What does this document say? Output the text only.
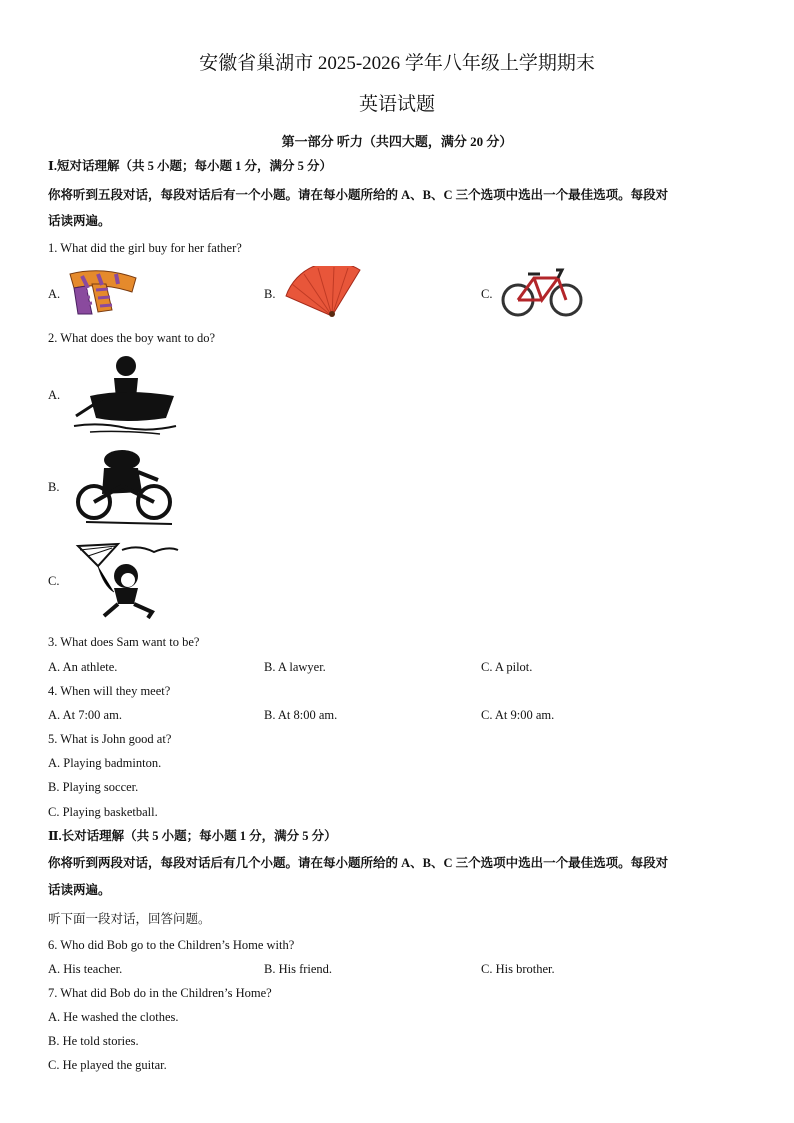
安徽省巢湖市 2025-2026 学年八年级上学期期末
英语试题
第一部分 听力（共四大题，满分 20 分）
Ⅰ.短对话理解（共 5 小题；每小题 1 分，满分 5 分）
你将听到五段对话，每段对话后有一个小题。请在每小题所给的 A、B、C 三个选项中选出一个最佳选项。每段对
话读两遍。
1. What did the girl buy for her father?
A.	B.	C.
2. What does the boy want to do?
A.
B.
C.
3. What does Sam want to be?
A. An athlete.	B. A lawyer.	C. A pilot.
4. When will they meet?
A. At 7:00 am.	B. At 8:00 am.	C. At 9:00 am.
5. What is John good at?
A. Playing badminton.
B. Playing soccer.
C. Playing basketball.
Ⅱ.长对话理解（共 5 小题；每小题 1 分，满分 5 分）
你将听到两段对话，每段对话后有几个小题。请在每小题所给的 A、B、C 三个选项中选出一个最佳选项。每段对
话读两遍。
听下面一段对话，回答问题。
6. Who did Bob go to the Children’s Home with?
A. His teacher.	B. His friend.	C. His brother.
7. What did Bob do in the Children’s Home?
A. He washed the clothes.
B. He told stories.
C. He played the guitar.
